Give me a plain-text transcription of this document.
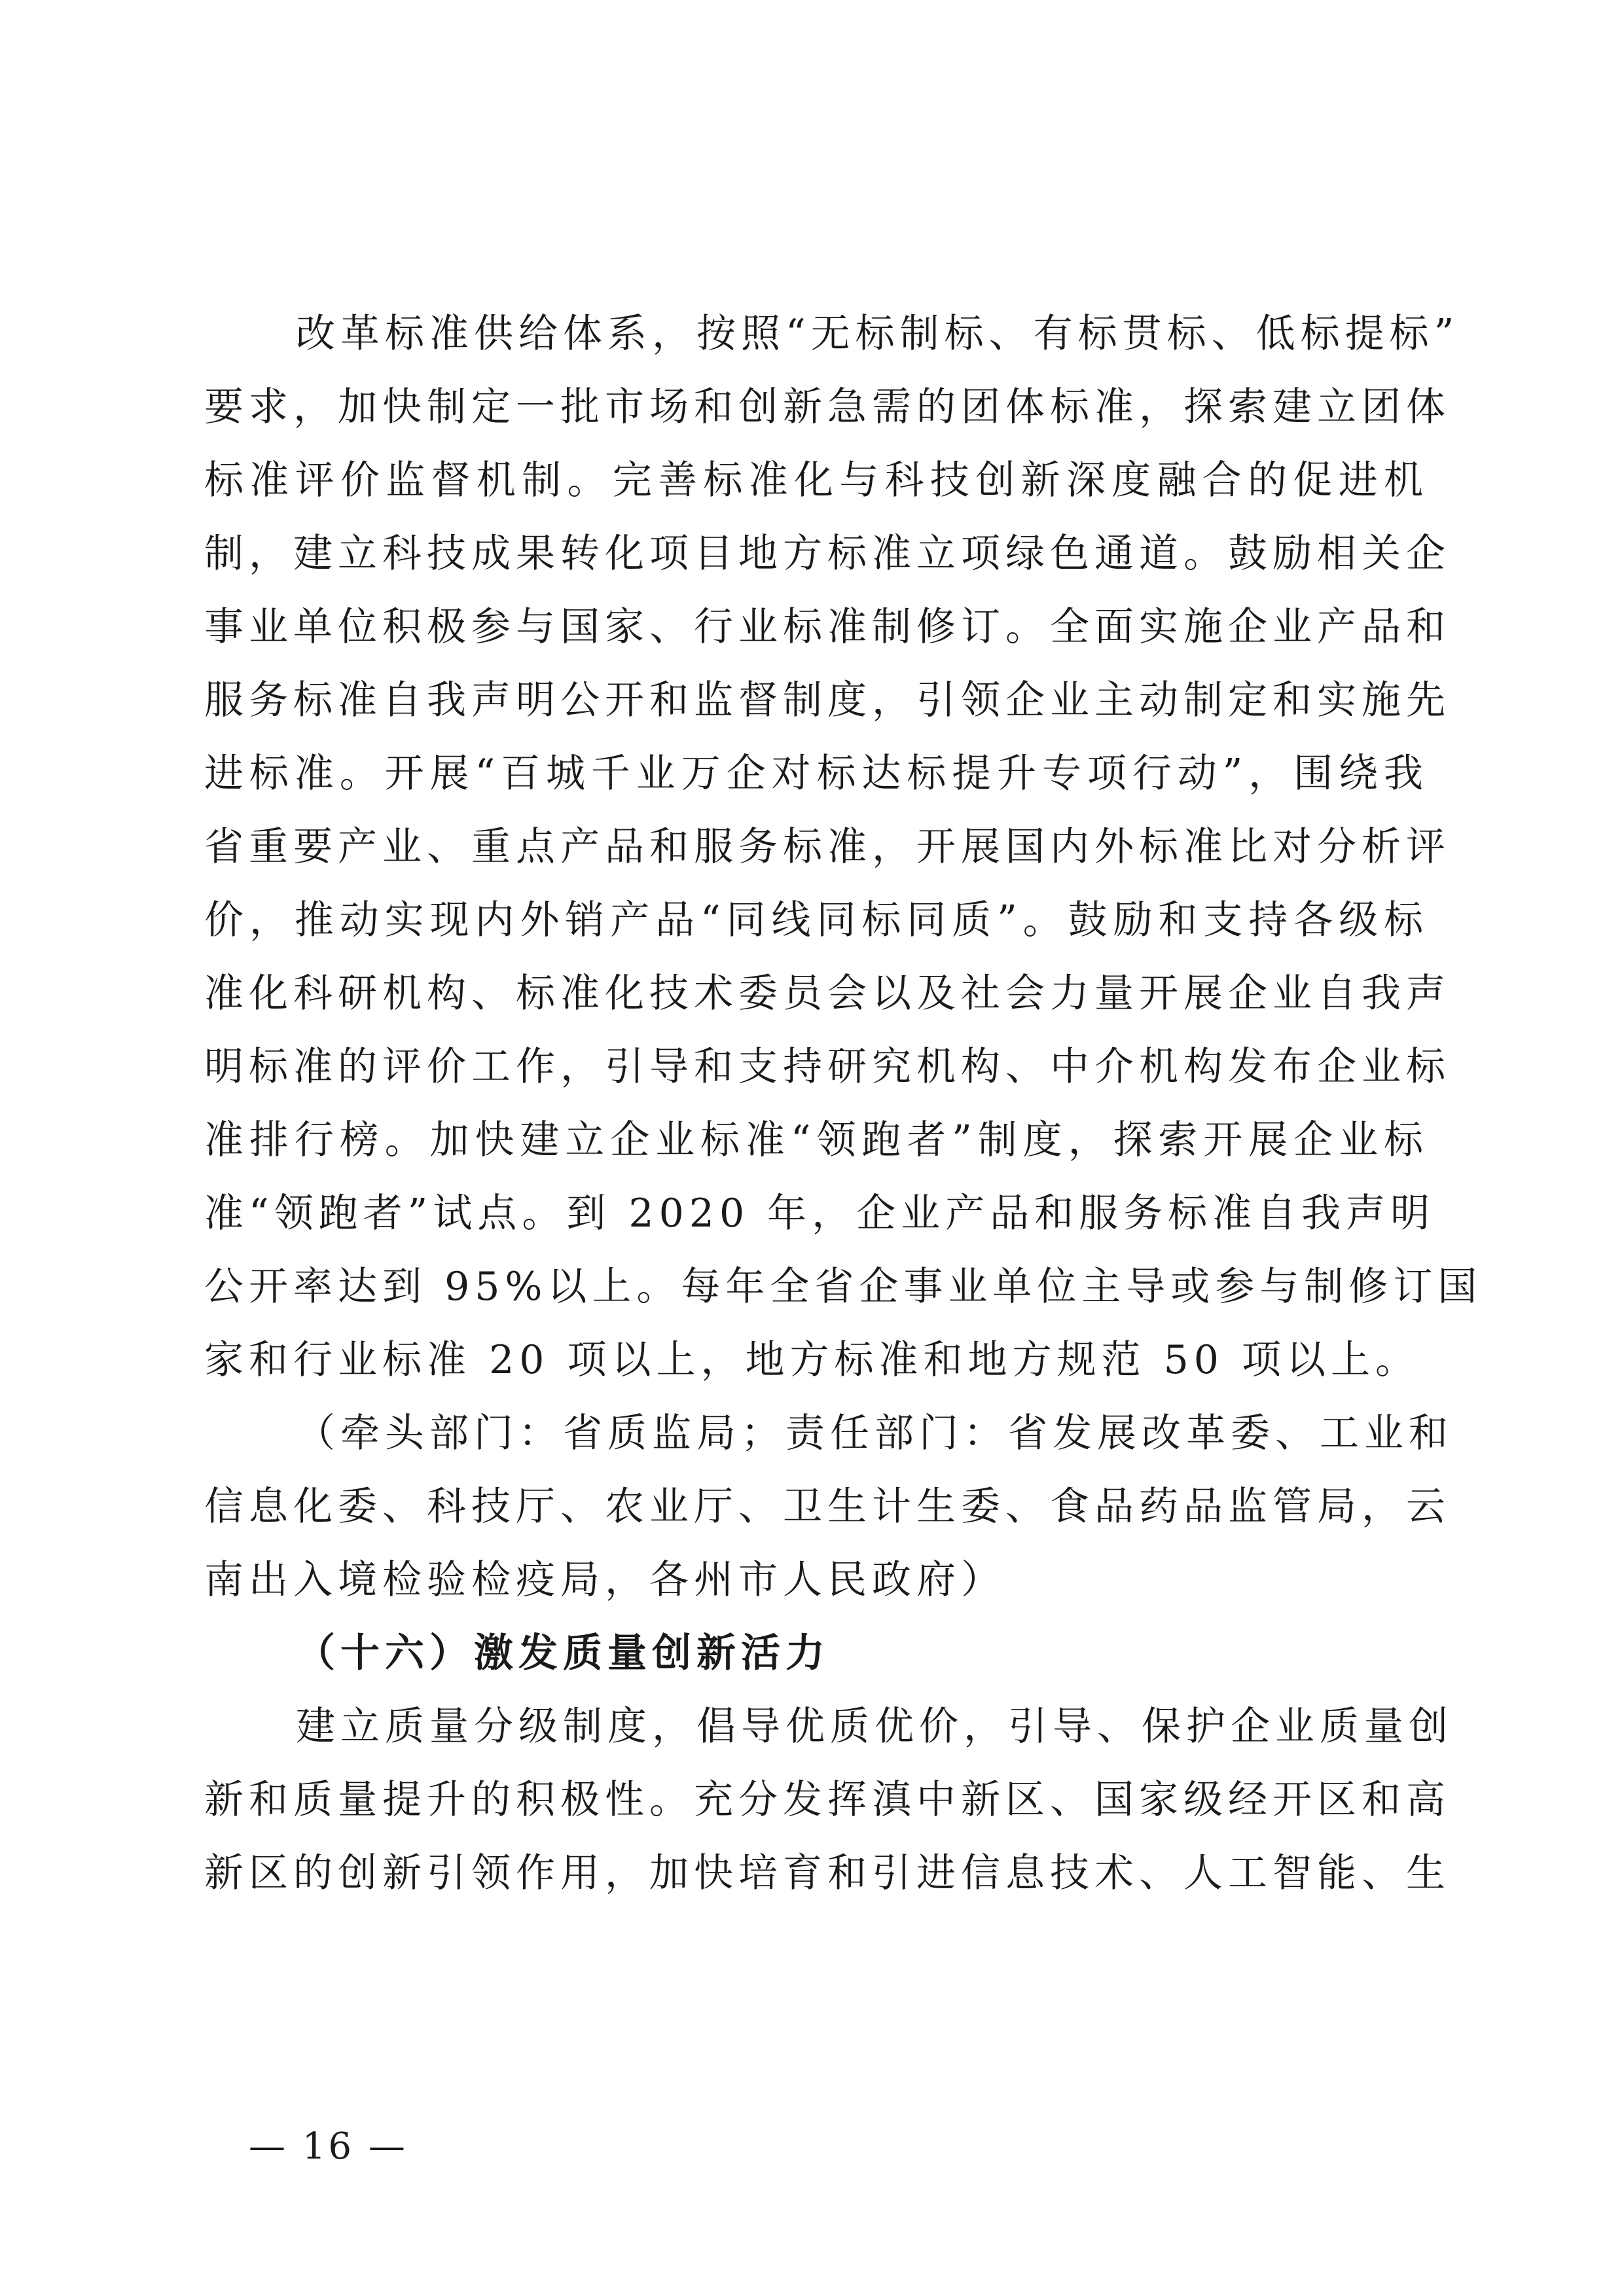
改革标准供给体系，按照“无标制标、有标贯标、低标提标”
要求，加快制定一批市场和创新急需的团体标准，探索建立团体
标准评价监督机制。完善标准化与科技创新深度融合的促进机
制，建立科技成果转化项目地方标准立项绿色通道。鼓励相关企
事业单位积极参与国家、行业标准制修订。全面实施企业产品和
服务标准自我声明公开和监督制度，引领企业主动制定和实施先
进标准。开展“百城千业万企对标达标提升专项行动”，围绕我
省重要产业、重点产品和服务标准，开展国内外标准比对分析评
价，推动实现内外销产品“同线同标同质”。鼓励和支持各级标
准化科研机构、标准化技术委员会以及社会力量开展企业自我声
明标准的评价工作，引导和支持研究机构、中介机构发布企业标
准排行榜。加快建立企业标准“领跑者”制度，探索开展企业标
准“领跑者”试点。到 2020 年，企业产品和服务标准自我声明
公开率达到 95%以上。每年全省企事业单位主导或参与制修订国
家和行业标准 20 项以上，地方标准和地方规范 50 项以上。
（牵头部门：省质监局；责任部门：省发展改革委、工业和
信息化委、科技厅、农业厅、卫生计生委、食品药品监管局，云
南出入境检验检疫局，各州市人民政府）
（十六）激发质量创新活力
建立质量分级制度，倡导优质优价，引导、保护企业质量创
新和质量提升的积极性。充分发挥滇中新区、国家级经开区和高
新区的创新引领作用，加快培育和引进信息技术、人工智能、生
— 16 —
